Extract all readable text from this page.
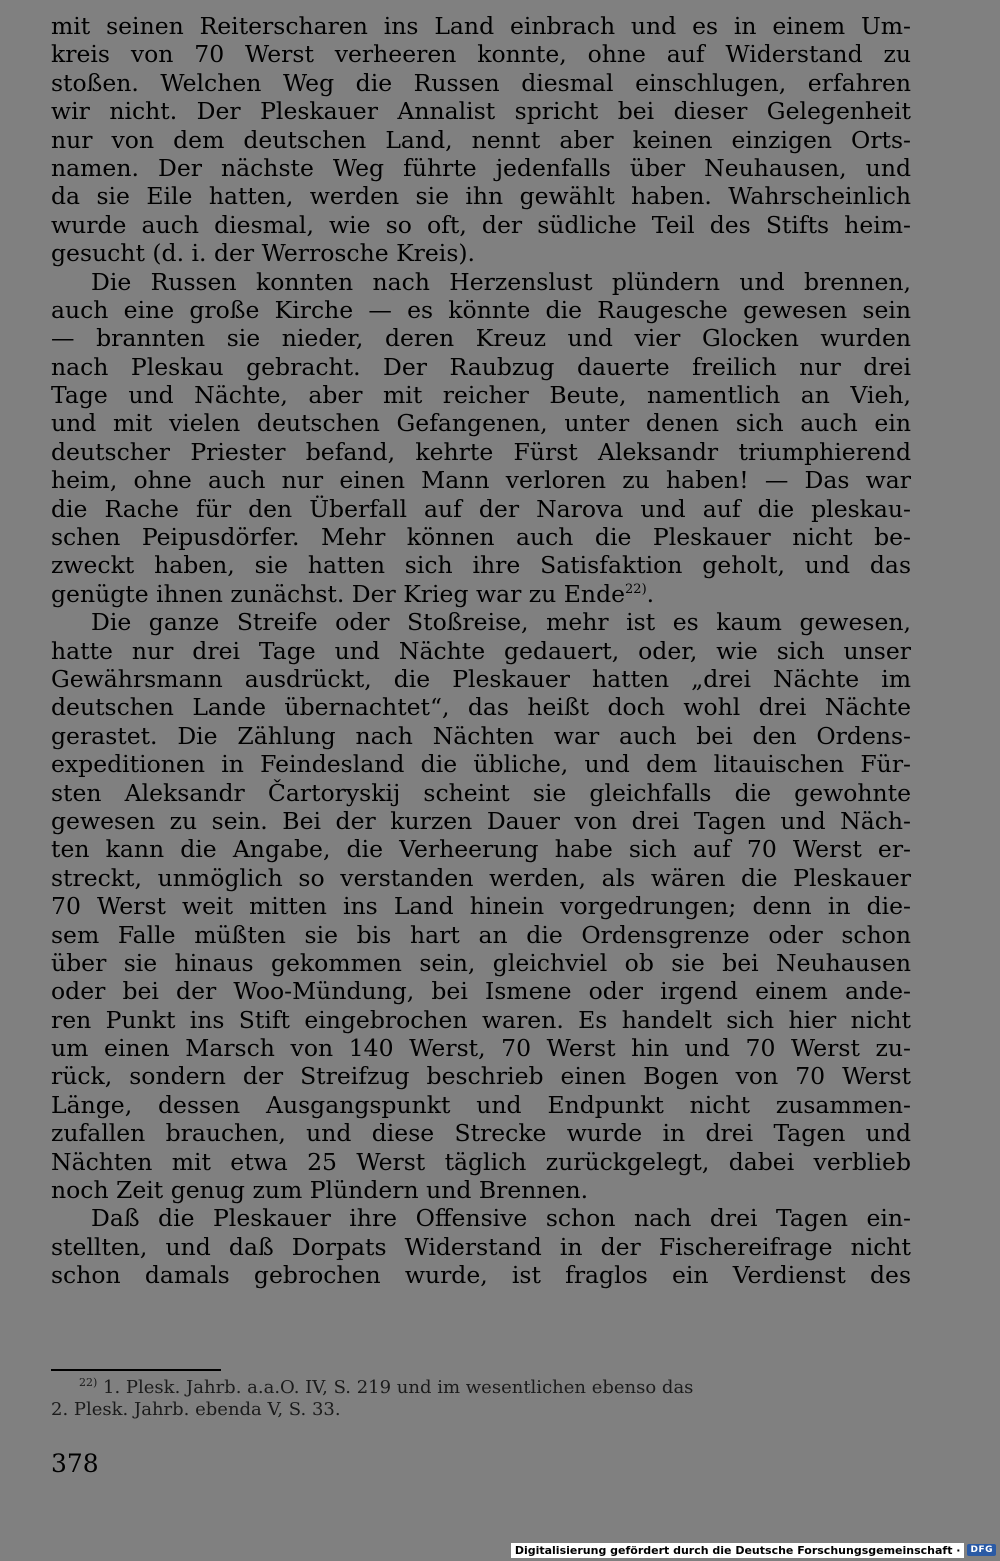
mit seinen Reiterscharen ins Land einbrach und es in einem Um-
kreis von 70 Werst verheeren konnte, ohne auf Widerstand zu
stoßen. Welchen Weg die Russen diesmal einschlugen, erfahren
wir nicht. Der Pleskauer Annalist spricht bei dieser Gelegenheit
nur von dem deutschen Land, nennt aber keinen einzigen Orts-
namen. Der nächste Weg führte jedenfalls über Neuhausen, und
da sie Eile hatten, werden sie ihn gewählt haben. Wahrscheinlich
wurde auch diesmal, wie so oft, der südliche Teil des Stifts heim-
gesucht (d. i. der Werrosche Kreis).
Die Russen konnten nach Herzenslust plündern und brennen,
auch eine große Kirche — es könnte die Raugesche gewesen sein
— brannten sie nieder, deren Kreuz und vier Glocken wurden
nach Pleskau gebracht. Der Raubzug dauerte freilich nur drei
Tage und Nächte, aber mit reicher Beute, namentlich an Vieh,
und mit vielen deutschen Gefangenen, unter denen sich auch ein
deutscher Priester befand, kehrte Fürst Aleksandr triumphierend
heim, ohne auch nur einen Mann verloren zu haben! — Das war
die Rache für den Überfall auf der Narova und auf die pleskau-
schen Peipusdörfer. Mehr können auch die Pleskauer nicht be-
zweckt haben, sie hatten sich ihre Satisfaktion geholt, und das
genügte ihnen zunächst. Der Krieg war zu Ende$^{22)}$.
Die ganze Streife oder Stoßreise, mehr ist es kaum gewesen,
hatte nur drei Tage und Nächte gedauert, oder, wie sich unser
Gewährsmann ausdrückt, die Pleskauer hatten „drei Nächte im
deutschen Lande übernachtet“, das heißt doch wohl drei Nächte
gerastet. Die Zählung nach Nächten war auch bei den Ordens-
expeditionen in Feindesland die übliche, und dem litauischen Für-
sten Aleksandr Čartoryskij scheint sie gleichfalls die gewohnte
gewesen zu sein. Bei der kurzen Dauer von drei Tagen und Näch-
ten kann die Angabe, die Verheerung habe sich auf 70 Werst er-
streckt, unmöglich so verstanden werden, als wären die Pleskauer
70 Werst weit mitten ins Land hinein vorgedrungen; denn in die-
sem Falle müßten sie bis hart an die Ordensgrenze oder schon
über sie hinaus gekommen sein, gleichviel ob sie bei Neuhausen
oder bei der Woo-Mündung, bei Ismene oder irgend einem ande-
ren Punkt ins Stift eingebrochen waren. Es handelt sich hier nicht
um einen Marsch von 140 Werst, 70 Werst hin und 70 Werst zu-
rück, sondern der Streifzug beschrieb einen Bogen von 70 Werst
Länge, dessen Ausgangspunkt und Endpunkt nicht zusammen-
zufallen brauchen, und diese Strecke wurde in drei Tagen und
Nächten mit etwa 25 Werst täglich zurückgelegt, dabei verblieb
noch Zeit genug zum Plündern und Brennen.
Daß die Pleskauer ihre Offensive schon nach drei Tagen ein-
stellten, und daß Dorpats Widerstand in der Fischereifrage nicht
schon damals gebrochen wurde, ist fraglos ein Verdienst des
$^{22)}$ 1. Plesk. Jahrb. a.a.O. IV, S. 219 und im wesentlichen ebenso das
2. Plesk. Jahrb. ebenda V, S. 33.
378
Digitalisierung gefördert durch die Deutsche Forschungsgemeinschaft ·	DFG
